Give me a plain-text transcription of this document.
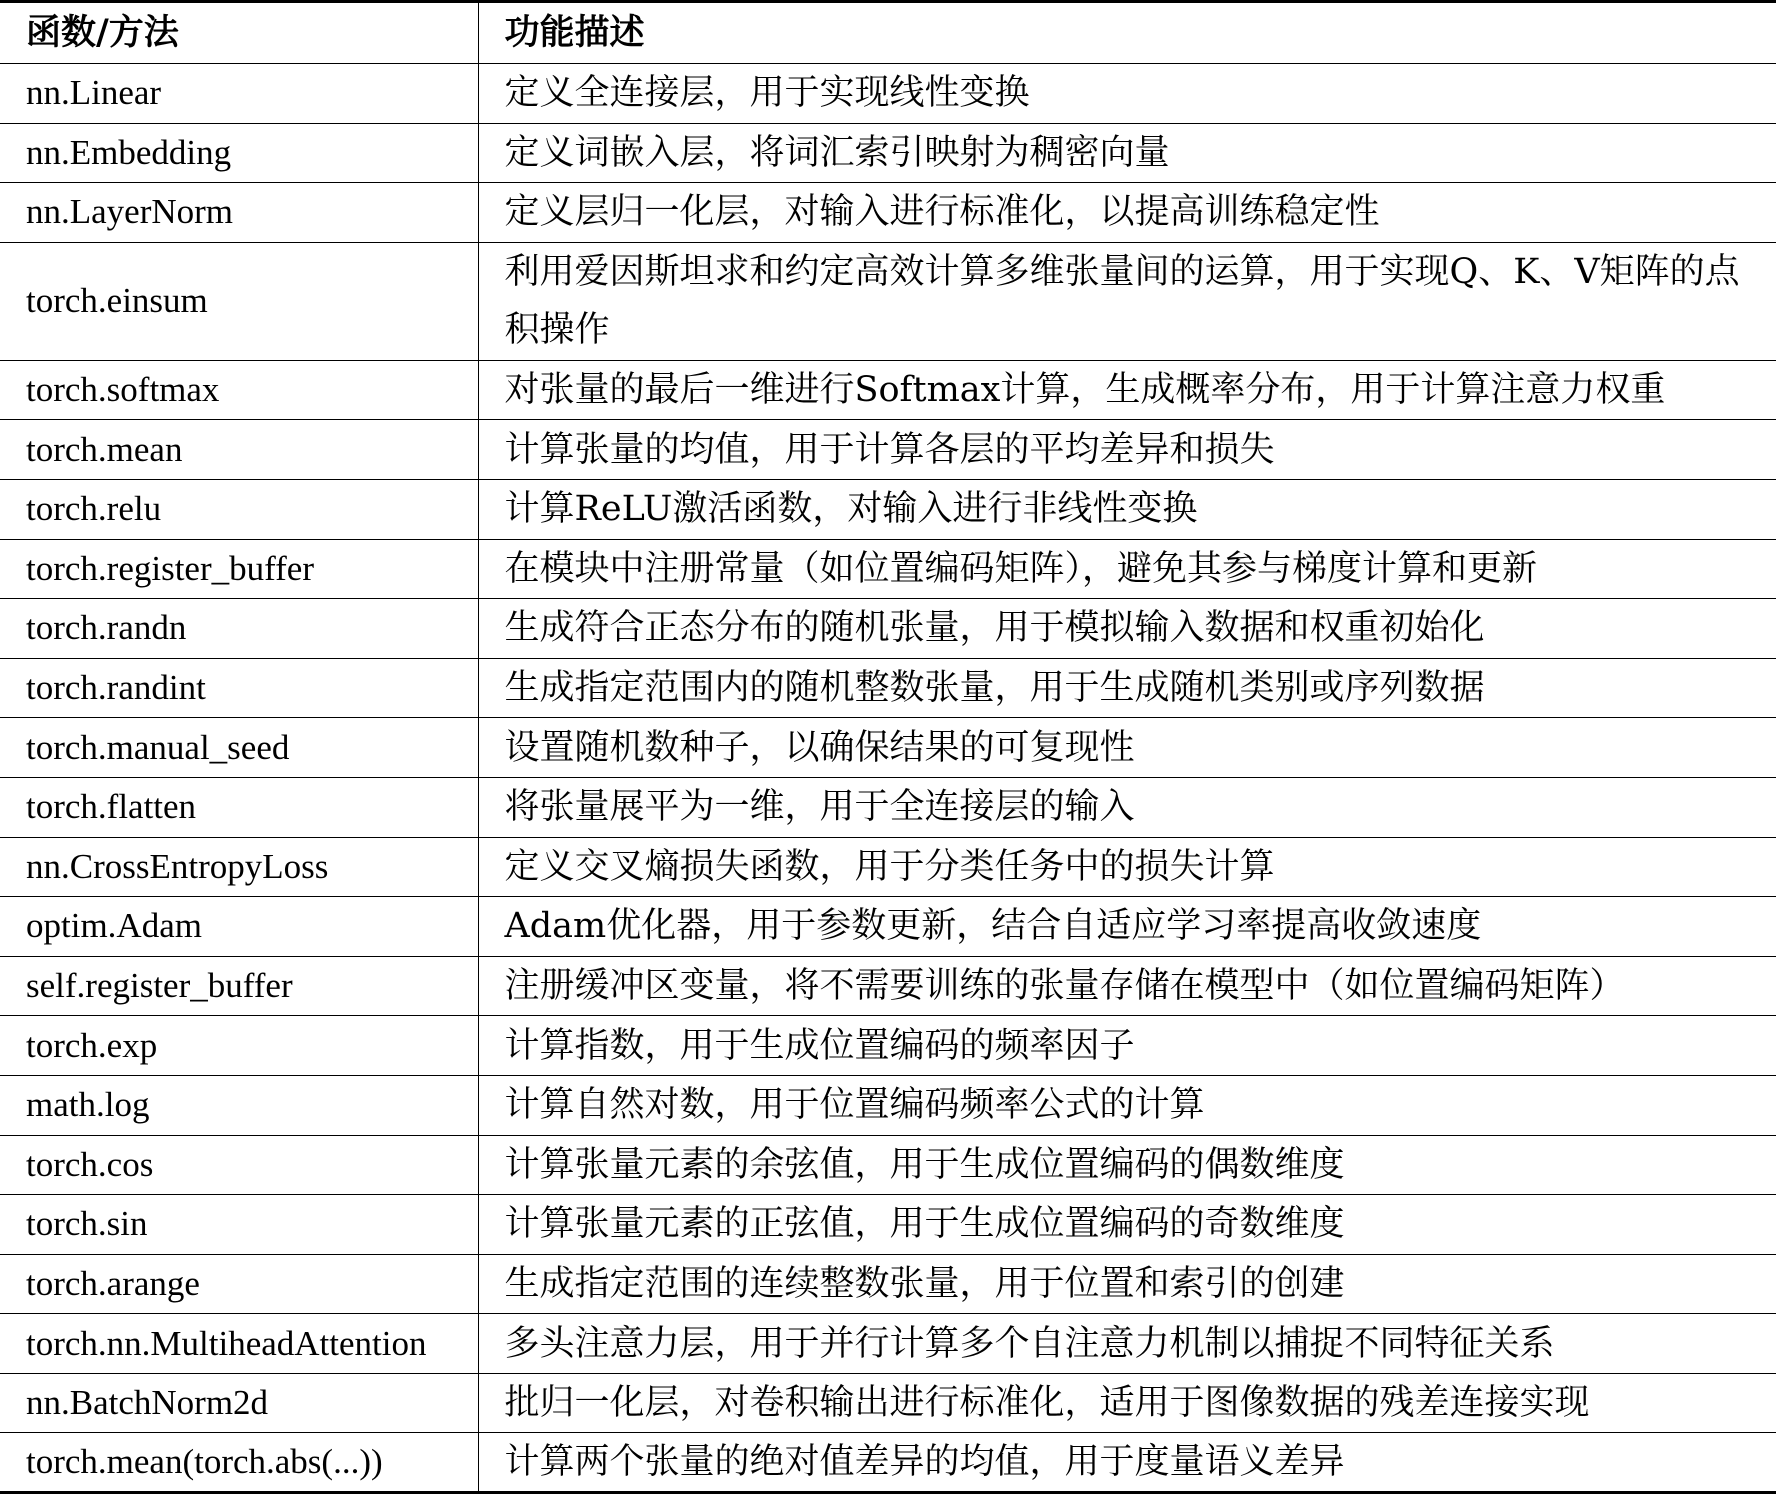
函数/方法	功能描述
nn.Linear	定义全连接层，用于实现线性变换
nn.Embedding	定义词嵌入层，将词汇索引映射为稠密向量
nn.LayerNorm	定义层归一化层，对输入进行标准化，以提高训练稳定性
torch.einsum	利用爱因斯坦求和约定高效计算多维张量间的运算，用于实现Q、K、V矩阵的点积操作
torch.softmax	对张量的最后一维进行Softmax计算，生成概率分布，用于计算注意力权重
torch.mean	计算张量的均值，用于计算各层的平均差异和损失
torch.relu	计算ReLU激活函数，对输入进行非线性变换
torch.register_buffer	在模块中注册常量（如位置编码矩阵），避免其参与梯度计算和更新
torch.randn	生成符合正态分布的随机张量，用于模拟输入数据和权重初始化
torch.randint	生成指定范围内的随机整数张量，用于生成随机类别或序列数据
torch.manual_seed	设置随机数种子，以确保结果的可复现性
torch.flatten	将张量展平为一维，用于全连接层的输入
nn.CrossEntropyLoss	定义交叉熵损失函数，用于分类任务中的损失计算
optim.Adam	Adam优化器，用于参数更新，结合自适应学习率提高收敛速度
self.register_buffer	注册缓冲区变量，将不需要训练的张量存储在模型中（如位置编码矩阵）
torch.exp	计算指数，用于生成位置编码的频率因子
math.log	计算自然对数，用于位置编码频率公式的计算
torch.cos	计算张量元素的余弦值，用于生成位置编码的偶数维度
torch.sin	计算张量元素的正弦值，用于生成位置编码的奇数维度
torch.arange	生成指定范围的连续整数张量，用于位置和索引的创建
torch.nn.MultiheadAttention	多头注意力层，用于并行计算多个自注意力机制以捕捉不同特征关系
nn.BatchNorm2d	批归一化层，对卷积输出进行标准化，适用于图像数据的残差连接实现
torch.mean(torch.abs(...))	计算两个张量的绝对值差异的均值，用于度量语义差异
